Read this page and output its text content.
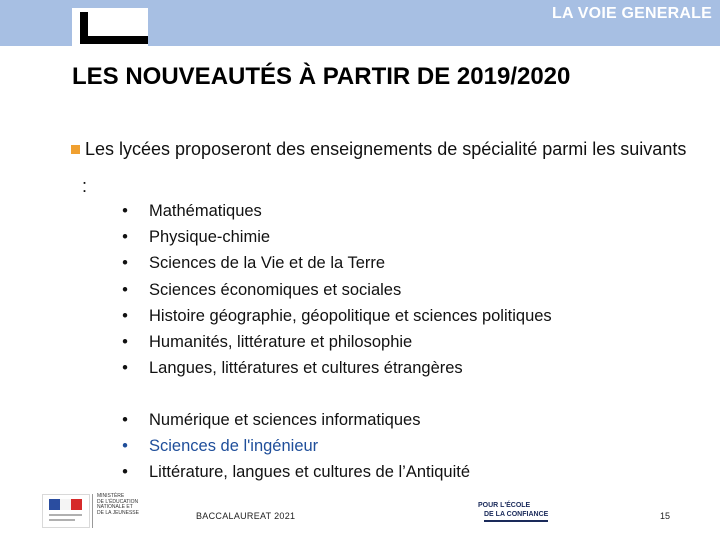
LA VOIE GENERALE
LES NOUVEAUTÉS À PARTIR DE 2019/2020
Les lycées proposeront des enseignements de spécialité parmi les suivants :
• Mathématiques
• Physique-chimie
• Sciences de la Vie et de la Terre
• Sciences économiques et sociales
• Histoire géographie, géopolitique et sciences politiques
• Humanités, littérature et philosophie
• Langues, littératures et cultures étrangères
• Numérique et sciences informatiques
• Sciences de l'ingénieur
• Littérature, langues et cultures de l’Antiquité
MINISTÈRE
DE L'ÉDUCATION
NATIONALE ET
DE LA JEUNESSE	BACCALAUREAT 2021
POUR L'ÉCOLE
DE LA CONFIANCE	15
